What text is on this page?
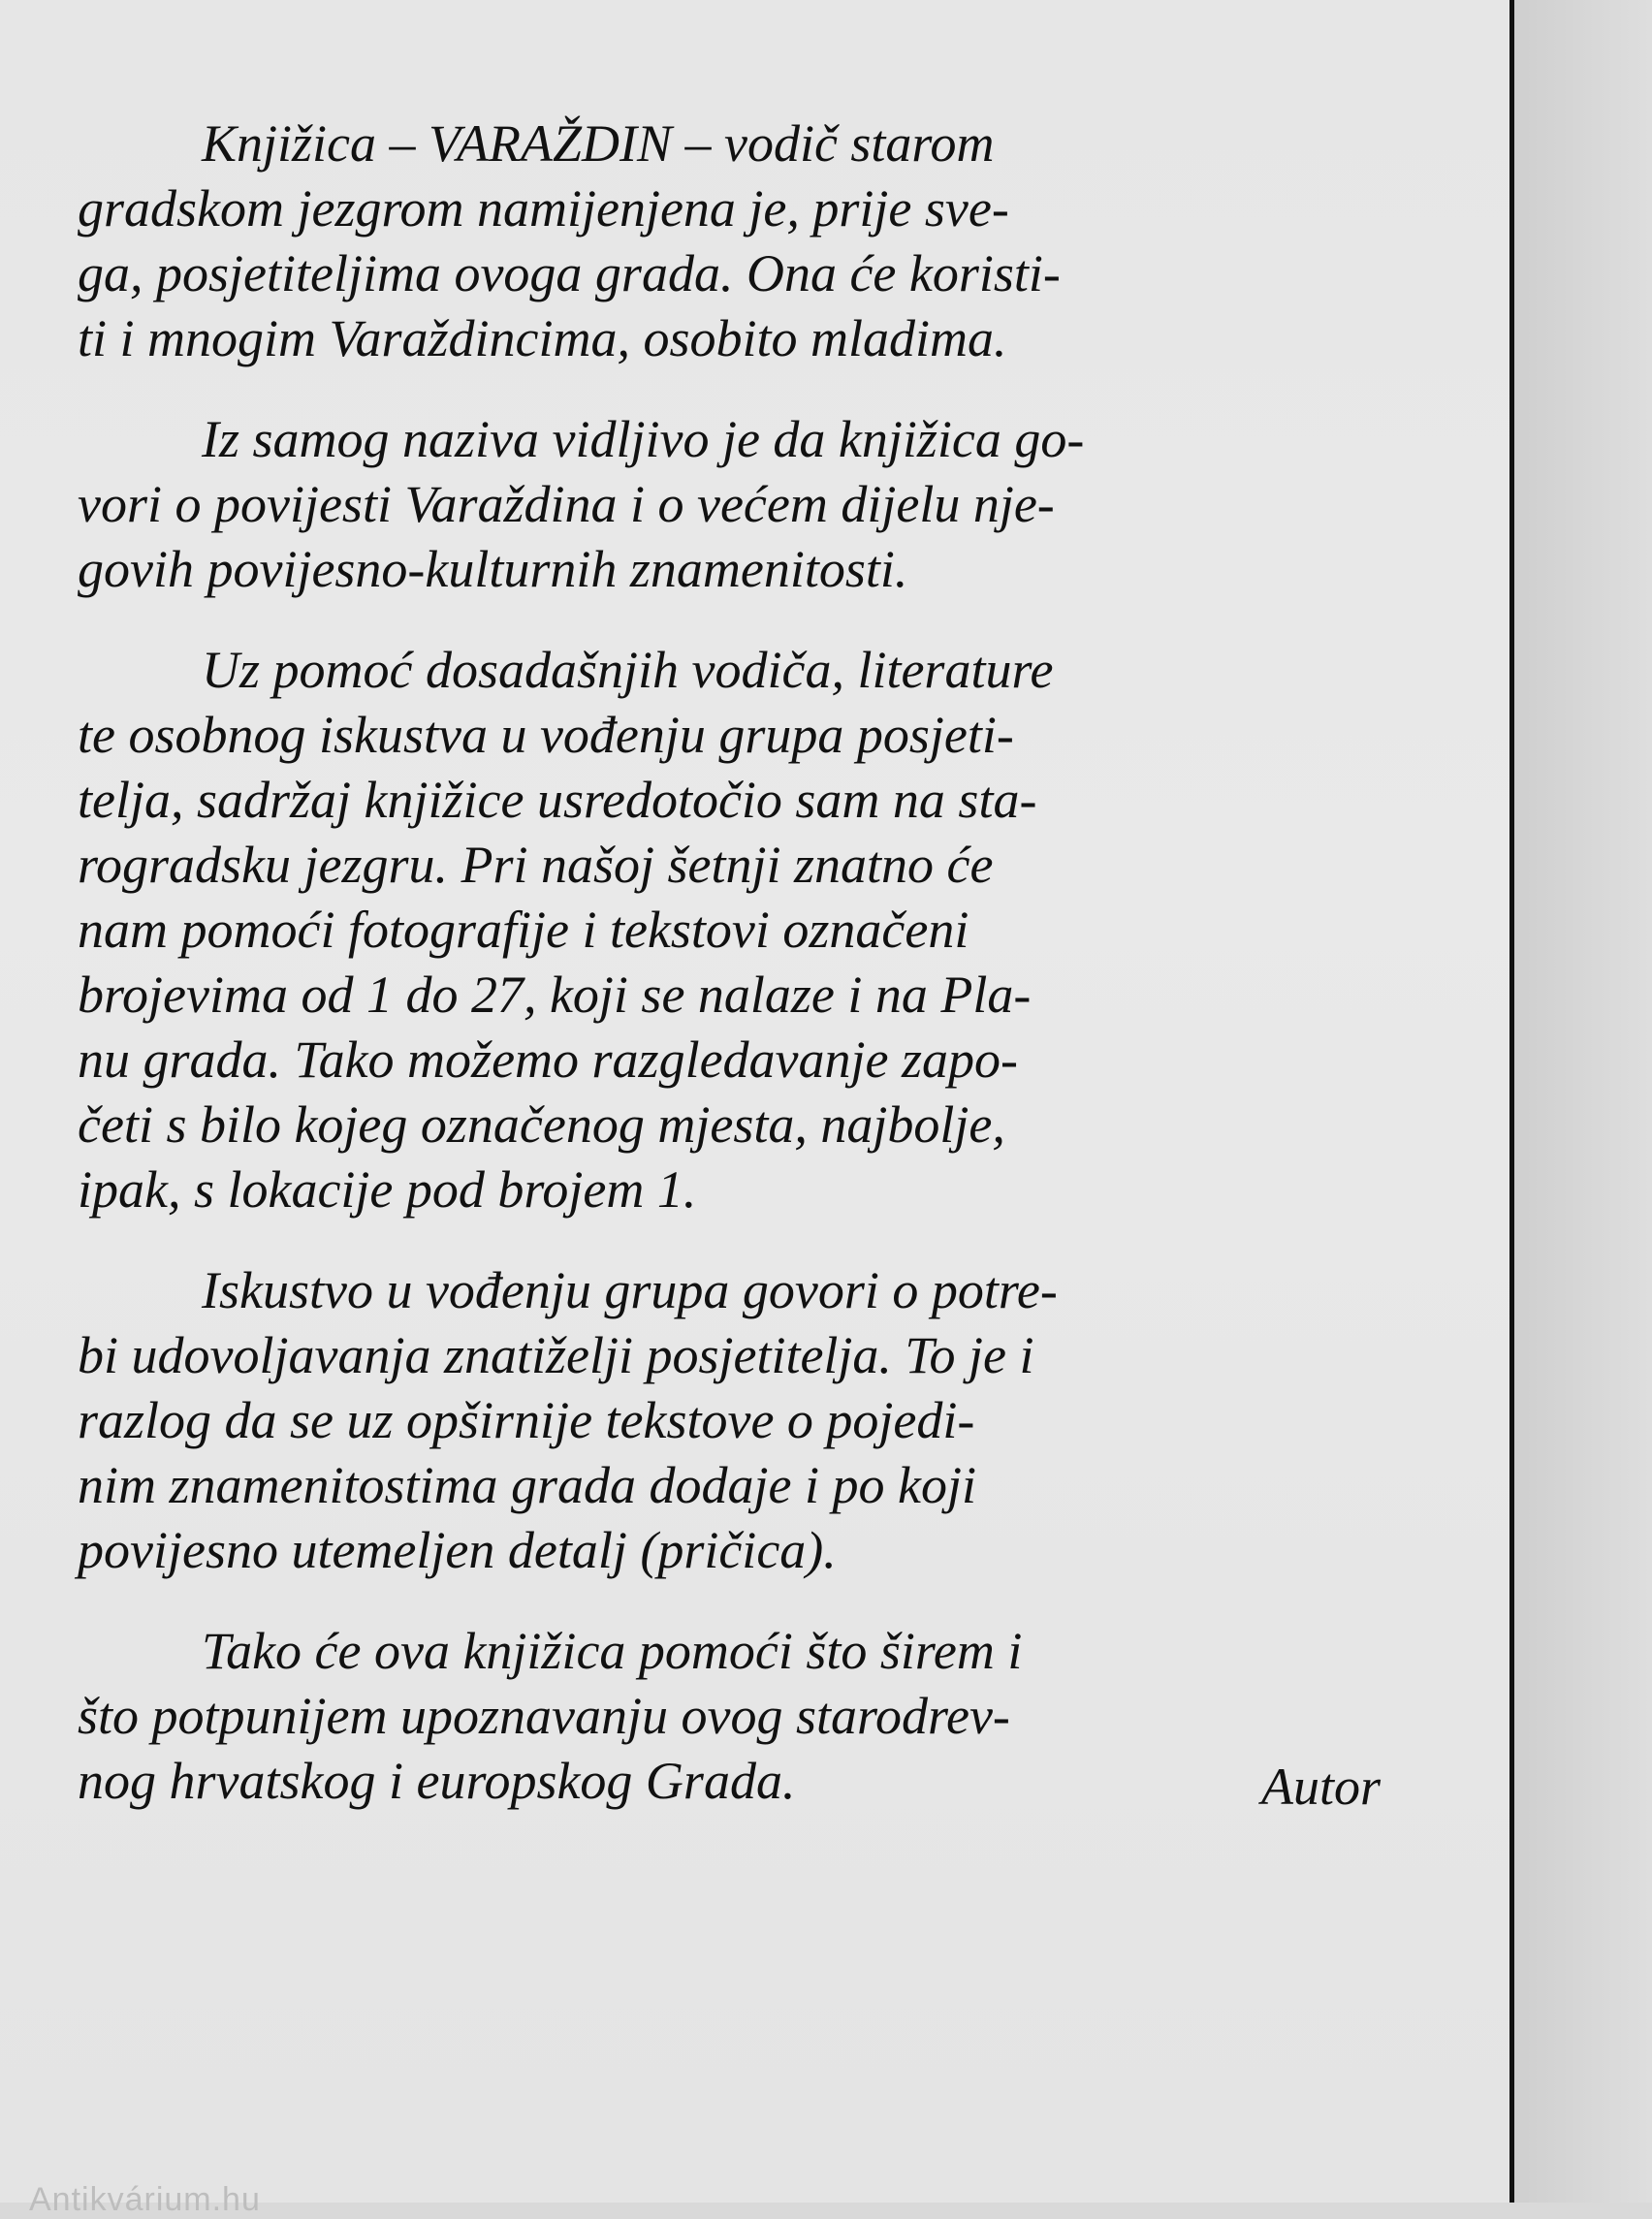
Knjižica – VARAŽDIN – vodič starom
gradskom jezgrom namijenjena je, prije sve-
ga, posjetiteljima ovoga grada. Ona će koristi-
ti i mnogim Varaždincima, osobito mladima.

Iz samog naziva vidljivo je da knjižica go-
vori o povijesti Varaždina i o većem dijelu nje-
govih povijesno-kulturnih znamenitosti.

Uz pomoć dosadašnjih vodiča, literature
te osobnog iskustva u vođenju grupa posjeti-
telja, sadržaj knjižice usredotočio sam na sta-
rogradsku jezgru. Pri našoj šetnji znatno će
nam pomoći fotografije i tekstovi označeni
brojevima od 1 do 27, koji se nalaze i na Pla-
nu grada. Tako možemo razgledavanje zapo-
četi s bilo kojeg označenog mjesta, najbolje,
ipak, s lokacije pod brojem 1.

Iskustvo u vođenju grupa govori o potre-
bi udovoljavanja znatiželji posjetitelja. To je i
razlog da se uz opširnije tekstove o pojedi-
nim znamenitostima grada dodaje i po koji
povijesno utemeljen detalj (pričica).

Tako će ova knjižica pomoći što širem i
što potpunijem upoznavanju ovog starodrev-
nog hrvatskog i europskog Grada.	Autor
Antikvárium.hu
